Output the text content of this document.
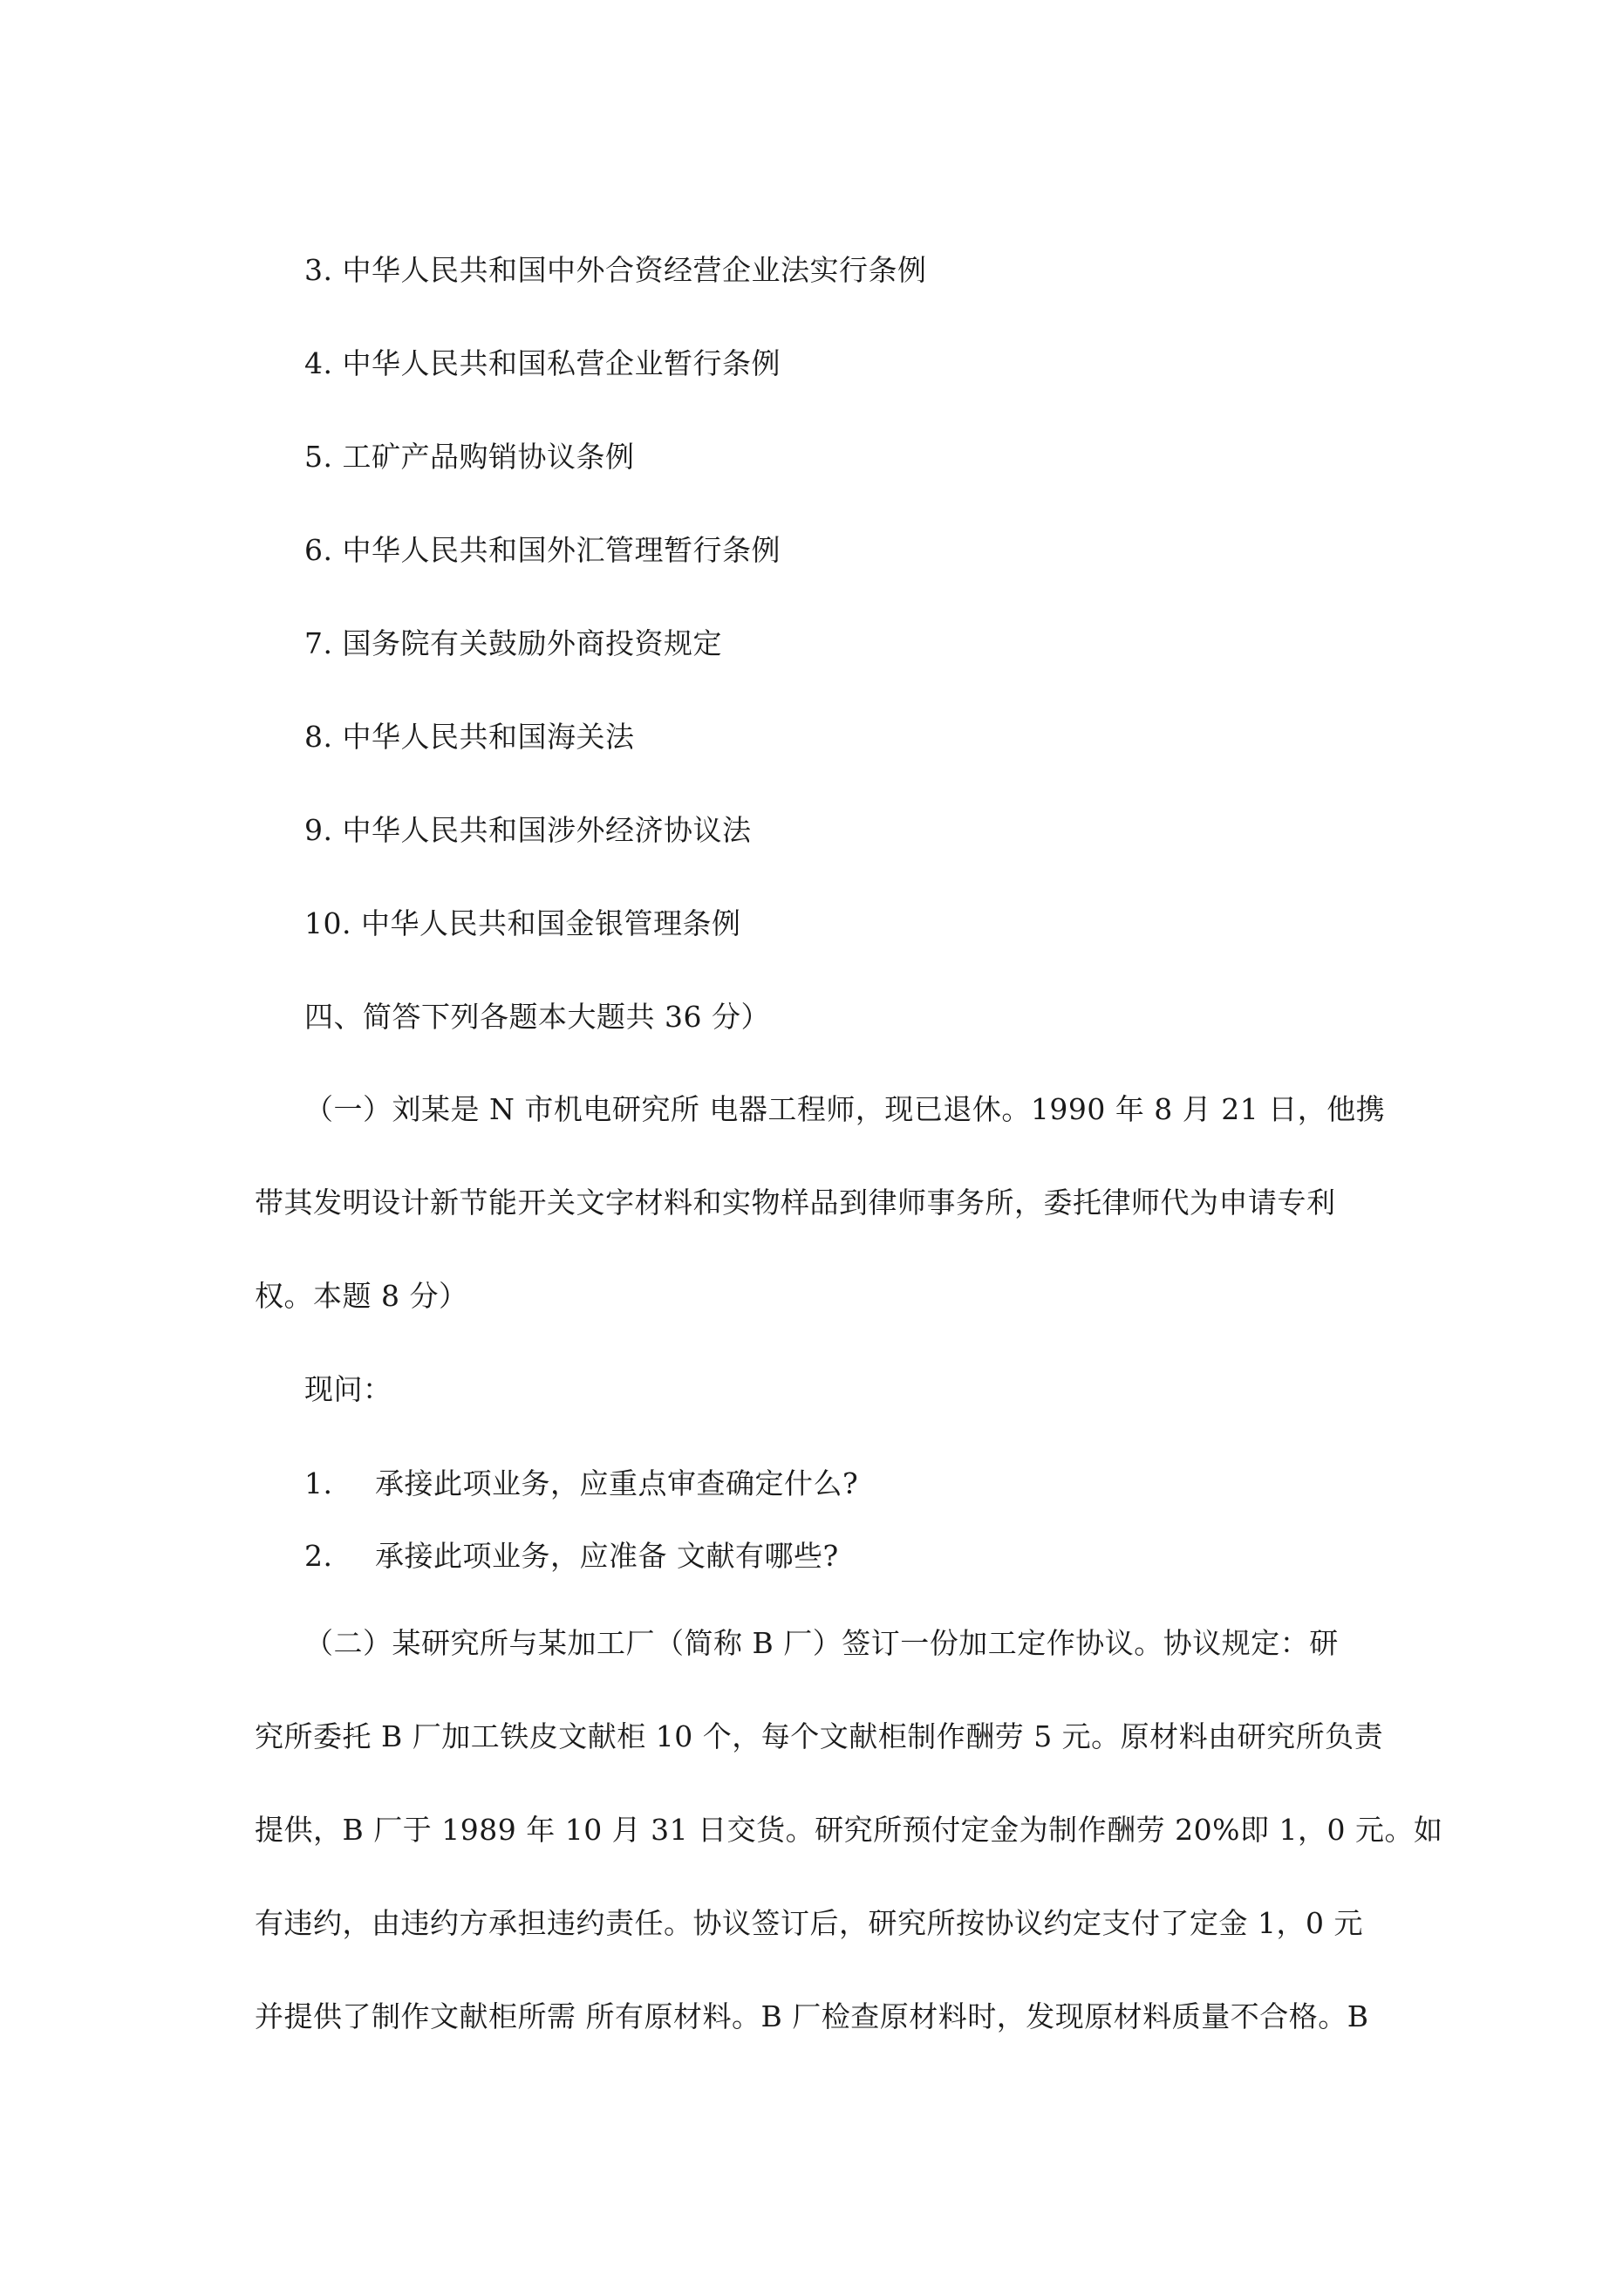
3. 中华人民共和国中外合资经营企业法实行条例
4. 中华人民共和国私营企业暂行条例
5. 工矿产品购销协议条例
6. 中华人民共和国外汇管理暂行条例
7. 国务院有关鼓励外商投资规定
8. 中华人民共和国海关法
9. 中华人民共和国涉外经济协议法
10. 中华人民共和国金银管理条例
四、简答下列各题本大题共 36 分）
（一）刘某是 N 市机电研究所 电器工程师，现已退休。1990 年 8 月 21 日，他携
带其发明设计新节能开关文字材料和实物样品到律师事务所，委托律师代为申请专利
权。本题 8 分）
现问：
1. 承接此项业务，应重点审查确定什么?
2. 承接此项业务，应准备 文献有哪些?
（二）某研究所与某加工厂（简称 B 厂）签订一份加工定作协议。协议规定：研
究所委托 B 厂加工铁皮文献柜 10 个，每个文献柜制作酬劳 5 元。原材料由研究所负责
提供，B 厂于 1989 年 10 月 31 日交货。研究所预付定金为制作酬劳 20%即 1，0 元。如
有违约，由违约方承担违约责任。协议签订后，研究所按协议约定支付了定金 1，0 元
并提供了制作文献柜所需 所有原材料。B 厂检查原材料时，发现原材料质量不合格。B
